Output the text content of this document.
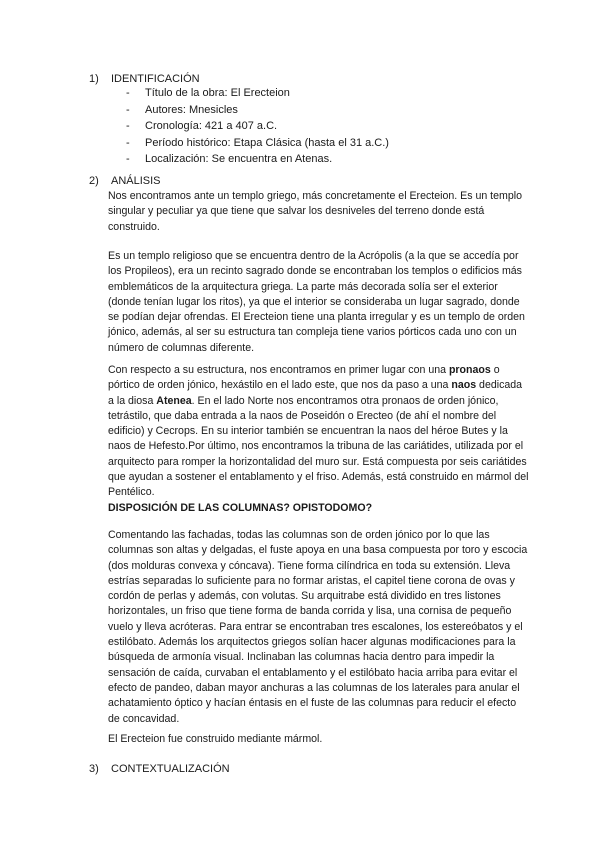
1) IDENTIFICACIÓN
- Título de la obra: El Erecteion
- Autores: Mnesicles
- Cronología: 421 a 407 a.C.
- Período histórico: Etapa Clásica (hasta el 31 a.C.)
- Localización: Se encuentra en Atenas.
2) ANÁLISIS

Nos encontramos ante un templo griego, más concretamente el Erecteion. Es un templo singular y peculiar ya que tiene que salvar los desniveles del terreno donde está construido.

Es un templo religioso que se encuentra dentro de la Acrópolis (a la que se accedía por los Propileos), era un recinto sagrado donde se encontraban los templos o edificios más emblemáticos de la arquitectura griega. La parte más decorada solía ser el exterior (donde tenían lugar los ritos), ya que el interior se consideraba un lugar sagrado, donde se podían dejar ofrendas. El Erecteion tiene una planta irregular y es un templo de orden jónico, además, al ser su estructura tan compleja tiene varios pórticos cada uno con un número de columnas diferente.

Con respecto a su estructura, nos encontramos en primer lugar con una pronaos o pórtico de orden jónico, hexástilo en el lado este, que nos da paso a una naos dedicada a la diosa Atenea. En el lado Norte nos encontramos otra pronaos de orden jónico, tetrástilo, que daba entrada a la naos de Poseidón o Erecteo (de ahí el nombre del edificio) y Cecrops. En su interior también se encuentran la naos del héroe Butes y la naos de Hefesto.Por último, nos encontramos la tribuna de las cariátides, utilizada por el arquitecto para romper la horizontalidad del muro sur. Está compuesta por seis cariátides que ayudan a sostener el entablamento y el friso. Además, está construido en mármol del Pentélico.

DISPOSICIÓN DE LAS COLUMNAS? OPISTODOMO?

Comentando las fachadas, todas las columnas son de orden jónico por lo que las columnas son altas y delgadas, el fuste apoya en una basa compuesta por toro y escocia (dos molduras convexa y cóncava). Tiene forma cilíndrica en toda su extensión. Lleva estrías separadas lo suficiente para no formar aristas, el capitel tiene corona de ovas y cordón de perlas y además, con volutas. Su arquitrabe está dividido en tres listones horizontales, un friso que tiene forma de banda corrida y lisa, una cornisa de pequeño vuelo y lleva acróteras. Para entrar se encontraban tres escalones, los estereóbatos y el estilóbato. Además los arquitectos griegos solían hacer algunas modificaciones para la búsqueda de armonía visual. Inclinaban las columnas hacia dentro para impedir la sensación de caída, curvaban el entablamento y el estilóbato hacia arriba para evitar el efecto de pandeo, daban mayor anchuras a las columnas de los laterales para anular el achatamiento óptico y hacían éntasis en el fuste de las columnas para reducir el efecto de concavidad.

El Erecteion fue construido mediante mármol.

3) CONTEXTUALIZACIÓN
